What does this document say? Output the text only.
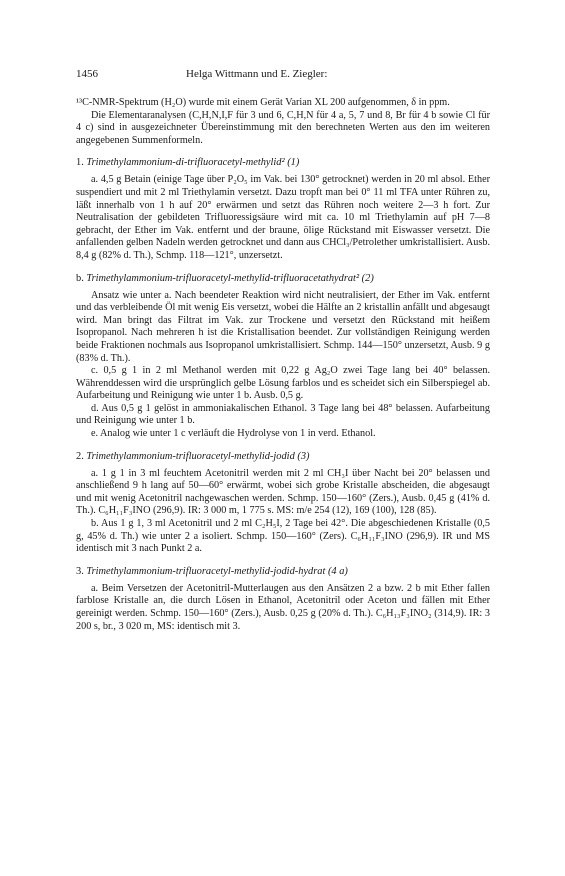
1456	Helga Wittmann und E. Ziegler:

¹³C-NMR-Spektrum (H₂O) wurde mit einem Gerät Varian XL 200 aufgenommen, δ in ppm.

Die Elementaranalysen (C,H,N,I,F für 3 und 6, C,H,N für 4 a, 5, 7 und 8, Br für 4 b sowie Cl für 4 c) sind in ausgezeichneter Übereinstimmung mit den berechneten Werten aus den im weiteren angegebenen Summenformeln.

1. Trimethylammonium-di-trifluoracetyl-methylid² (1)

a. 4,5 g Betain (einige Tage über P₂O₅ im Vak. bei 130° getrocknet) werden in 20 ml absol. Ether suspendiert und mit 2 ml Triethylamin versetzt. Dazu tropft man bei 0° 11 ml TFA unter Rühren zu, läßt innerhalb von 1 h auf 20° erwärmen und setzt das Rühren noch weitere 2—3 h fort. Zur Neutralisation der gebildeten Trifluoressigsäure wird mit ca. 10 ml Triethylamin auf pH 7—8 gebracht, der Ether im Vak. entfernt und der braune, ölige Rückstand mit Eiswasser versetzt. Die anfallenden gelben Nadeln werden getrocknet und dann aus CHCl₃/Petrolether umkristallisiert. Ausb. 8,4 g (82% d. Th.), Schmp. 118—121°, unzersetzt.

b. Trimethylammonium-trifluoracetyl-methylid-trifluoracetathydrat² (2)

Ansatz wie unter a. Nach beendeter Reaktion wird nicht neutralisiert, der Ether im Vak. entfernt und das verbleibende Öl mit wenig Eis versetzt, wobei die Hälfte an 2 kristallin anfällt und abgesaugt wird. Man bringt das Filtrat im Vak. zur Trockene und versetzt den Rückstand mit heißem Isopropanol. Nach mehreren h ist die Kristallisation beendet. Zur vollständigen Reinigung werden beide Fraktionen nochmals aus Isopropanol umkristallisiert. Schmp. 144—150° unzersetzt, Ausb. 9 g (83% d. Th.).

c. 0,5 g 1 in 2 ml Methanol werden mit 0,22 g Ag₂O zwei Tage lang bei 40° belassen. Währenddessen wird die ursprünglich gelbe Lösung farblos und es scheidet sich ein Silberspiegel ab. Aufarbeitung und Reinigung wie unter 1 b. Ausb. 0,5 g.

d. Aus 0,5 g 1 gelöst in ammoniakalischen Ethanol. 3 Tage lang bei 48° belassen. Aufarbeitung und Reinigung wie unter 1 b.

e. Analog wie unter 1 c verläuft die Hydrolyse von 1 in verd. Ethanol.

2. Trimethylammonium-trifluoracetyl-methylid-jodid (3)

a. 1 g 1 in 3 ml feuchtem Acetonitril werden mit 2 ml CH₃I über Nacht bei 20° belassen und anschließend 9 h lang auf 50—60° erwärmt, wobei sich grobe Kristalle abscheiden, die abgesaugt und mit wenig Acetonitril nachgewaschen werden. Schmp. 150—160° (Zers.), Ausb. 0,45 g (41% d. Th.). C₆H₁₁F₃INO (296,9). IR: 3 000 m, 1 775 s. MS: m/e 254 (12), 169 (100), 128 (85).

b. Aus 1 g 1, 3 ml Acetonitril und 2 ml C₂H₅I, 2 Tage bei 42°. Die abgeschiedenen Kristalle (0,5 g, 45% d. Th.) wie unter 2 a isoliert. Schmp. 150—160° (Zers). C₆H₁₁F₃INO (296,9). IR und MS identisch mit 3 nach Punkt 2 a.

3. Trimethylammonium-trifluoracetyl-methylid-jodid-hydrat (4 a)

a. Beim Versetzen der Acetonitril-Mutterlaugen aus den Ansätzen 2 a bzw. 2 b mit Ether fallen farblose Kristalle an, die durch Lösen in Ethanol, Acetonitril oder Aceton und fällen mit Ether gereinigt werden. Schmp. 150—160° (Zers.), Ausb. 0,25 g (20% d. Th.). C₆H₁₃F₃INO₂ (314,9). IR: 3 200 s, br., 3 020 m, MS: identisch mit 3.
